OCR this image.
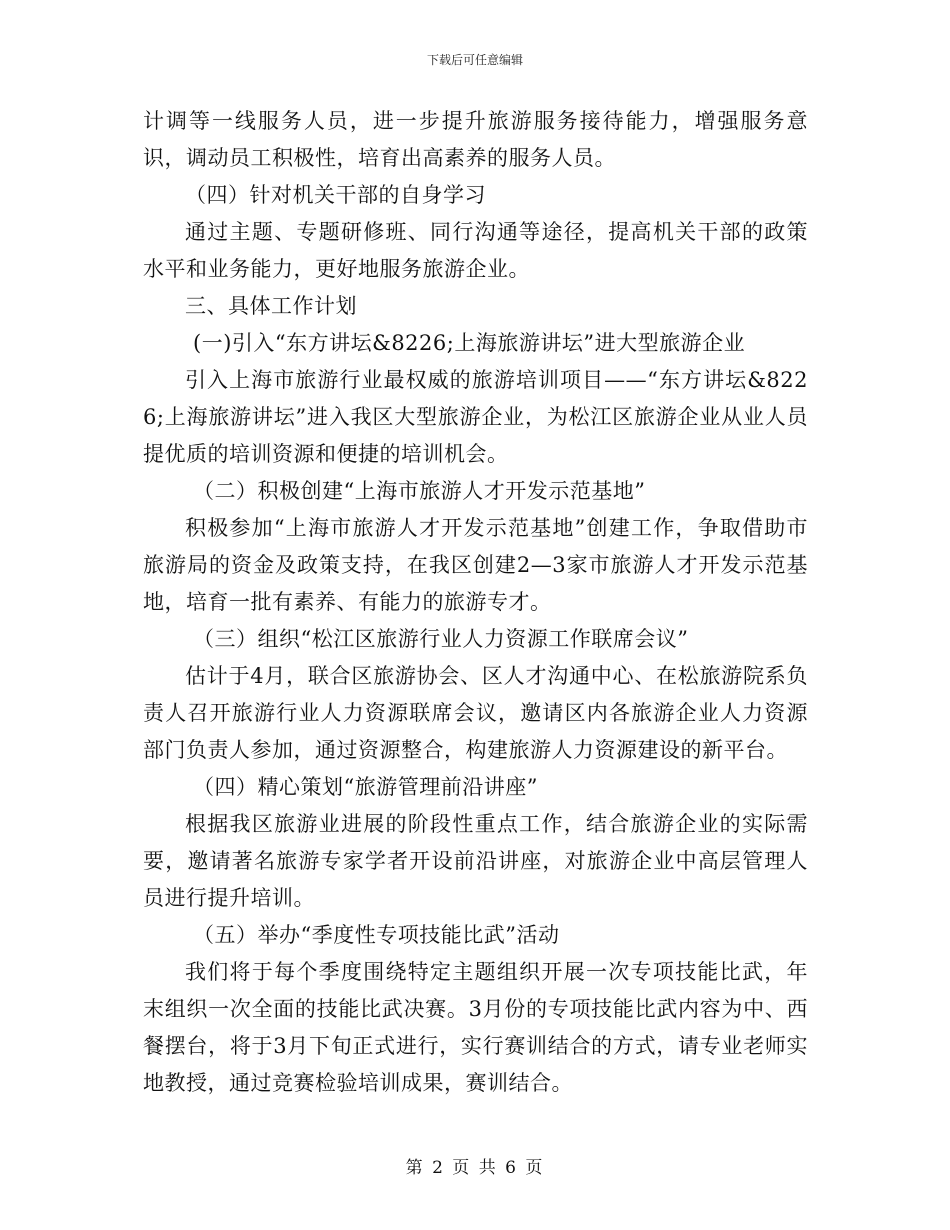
下载后可任意编辑

计调等一线服务人员，进一步提升旅游服务接待能力，增强服务意识，调动员工积极性，培育出高素养的服务人员。

（四）针对机关干部的自身学习

通过主题、专题研修班、同行沟通等途径，提高机关干部的政策水平和业务能力，更好地服务旅游企业。

三、具体工作计划

(一)引入“东方讲坛&8226;上海旅游讲坛”进大型旅游企业

引入上海市旅游行业最权威的旅游培训项目——“东方讲坛&8226;上海旅游讲坛”进入我区大型旅游企业，为松江区旅游企业从业人员提优质的培训资源和便捷的培训机会。

（二）积极创建“上海市旅游人才开发示范基地”

积极参加“上海市旅游人才开发示范基地”创建工作，争取借助市旅游局的资金及政策支持，在我区创建2—3家市旅游人才开发示范基地，培育一批有素养、有能力的旅游专才。

（三）组织“松江区旅游行业人力资源工作联席会议”

估计于4月，联合区旅游协会、区人才沟通中心、在松旅游院系负责人召开旅游行业人力资源联席会议，邀请区内各旅游企业人力资源部门负责人参加，通过资源整合，构建旅游人力资源建设的新平台。

（四）精心策划“旅游管理前沿讲座”

根据我区旅游业进展的阶段性重点工作，结合旅游企业的实际需要，邀请著名旅游专家学者开设前沿讲座，对旅游企业中高层管理人员进行提升培训。

（五）举办“季度性专项技能比武”活动

我们将于每个季度围绕特定主题组织开展一次专项技能比武，年末组织一次全面的技能比武决赛。3月份的专项技能比武内容为中、西餐摆台，将于3月下旬正式进行，实行赛训结合的方式，请专业老师实地教授，通过竞赛检验培训成果，赛训结合。

第 2 页 共 6 页
